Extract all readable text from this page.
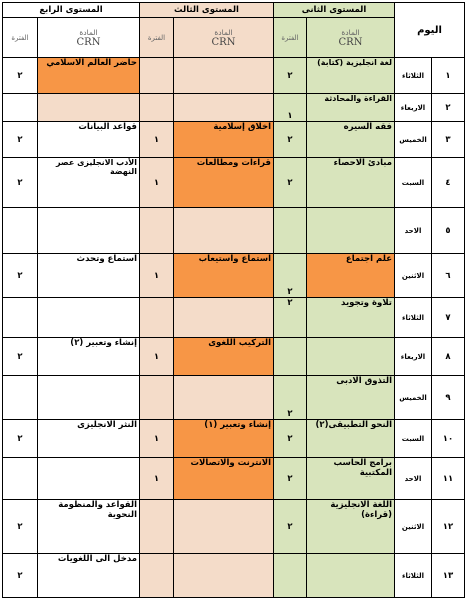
المستوى الرابع		المستوى الثالث		المستوى الثانى		اليوم	
الفترة	المادة
CRN	الفترة	المادة
CRN	الفترة	المادة
CRN		

٢	حاضر العالم الاسلامي			٢	لغة انجليزية (كتابة)	الثلاثاء	١
				١	القراءة والمحادثة	الاربعاء	٢
٢	قواعد البيانات	١	اخلاق إسلامية	٢	فقه السيره	الخميس	٣
٢	الأدب الانجليزى عصر النهضة	١	قراءات ومطالعات	٢	مبادئ الاحصاء	السبت	٤
						الاحد	٥
٢	استماع وتحدث	١	استماع واستيعاب	٢	علم اجتماع	الاثنين	٦
				٢	تلاوة وتجويد	الثلاثاء	٧
٢	إنشاء وتعبير (٢)	١	التركيب اللغوى			الاربعاء	٨
				٢	التذوق الادبى	الخميس	٩
٢	النثر الانجليزى	١	إنشاء وتعبير (١)	٢	النحو التطبيقى(٢)	السبت	١٠
		١	الانترنت والاتصالات	٢	برامج الحاسب المكتبية	الاحد	١١
٢	القواعد والمنظومة النحوية			٢	اللغة الانجليزية (قراءة)	الاثنين	١٢
٢	مدخل الى اللغويات					الثلاثاء	١٣
